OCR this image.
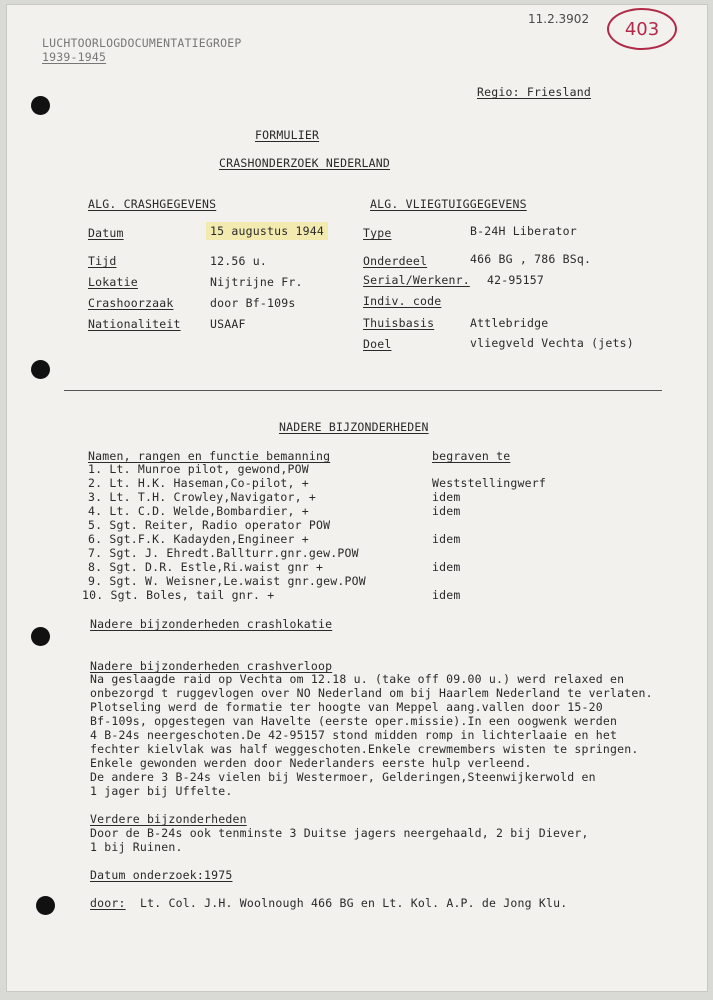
11.2.3902	403
LUCHTOORLOGDOCUMENTATIEGROEP
1939-1945
Regio: Friesland
FORMULIER
CRASHONDERZOEK NEDERLAND
ALG. CRASHGEGEVENS	ALG. VLIEGTUIGGEGEVENS
Datum	15 augustus 1944
Tijd	12.56 u.
Lokatie	Nijtrijne Fr.
Crashoorzaak	door Bf-109s
Nationaliteit	USAAF
Type	B-24H Liberator
Onderdeel	466 BG , 786 BSq.
Serial/Werkenr. 42-95157
Indiv. code
Thuisbasis	Attlebridge
Doel	vliegveld Vechta (jets)
NADERE BIJZONDERHEDEN
Namen, rangen en functie bemanning	begraven te
1. Lt. Munroe pilot, gewond,POW
2. Lt. H.K. Haseman,Co-pilot, +	Weststellingwerf
3. Lt. T.H. Crowley,Navigator, +	idem
4. Lt. C.D. Welde,Bombardier, +	idem
5. Sgt. Reiter, Radio operator POW
6. Sgt.F.K. Kadayden,Engineer +	idem
7. Sgt. J. Ehredt.Ballturr.gnr.gew.POW
8. Sgt. D.R. Estle,Ri.waist gnr +	idem
9. Sgt. W. Weisner,Le.waist gnr.gew.POW
10. Sgt. Boles, tail gnr. +	idem
Nadere bijzonderheden crashlokatie
Nadere bijzonderheden crashverloop
Na geslaagde raid op Vechta om 12.18 u. (take off 09.00 u.) werd relaxed en
onbezorgd t ruggevlogen over NO Nederland om bij Haarlem Nederland te verlaten.
Plotseling werd de formatie ter hoogte van Meppel aang.vallen door 15-20
Bf-109s, opgestegen van Havelte (eerste oper.missie).In een oogwenk werden
4 B-24s neergeschoten.De 42-95157 stond midden romp in lichterlaaie en het
fechter kielvlak was half weggeschoten.Enkele crewmembers wisten te springen.
Enkele gewonden werden door Nederlanders eerste hulp verleend.
De andere 3 B-24s vielen bij Westermoer, Gelderingen,Steenwijkerwold en
1 jager bij Uffelte.
Verdere bijzonderheden
Door de B-24s ook tenminste 3 Duitse jagers neergehaald, 2 bij Diever,
1 bij Ruinen.
Datum onderzoek:1975
door: Lt. Col. J.H. Woolnough 466 BG en Lt. Kol. A.P. de Jong Klu.
